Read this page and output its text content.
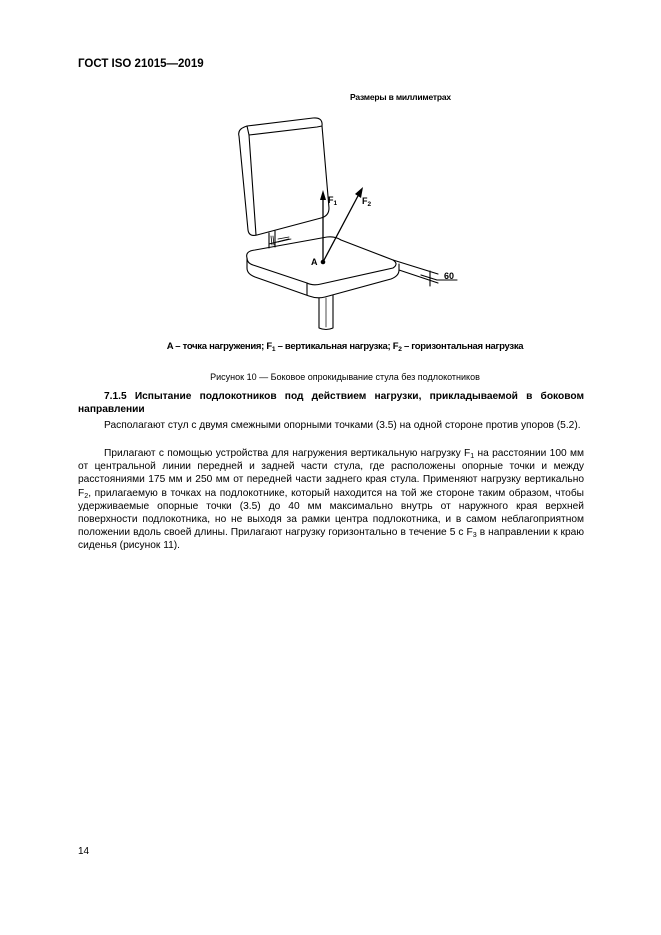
ГОСТ ISO 21015—2019
Размеры в миллиметрах
A
$F_1$	$F_2$
60
A – точка нагружения; $F_1$ – вертикальная нагрузка; $F_2$ – горизонтальная нагрузка
Рисунок 10 — Боковое опрокидывание стула без подлокотников
7.1.5 Испытание подлокотников под действием нагрузки, прикладываемой в боковом направлении
Располагают стул с двумя смежными опорными точками (3.5) на одной стороне против упоров (5.2).
Прилагают с помощью устройства для нагружения вертикальную нагрузку $F_1$ на расстоянии 100 мм от центральной линии передней и задней части стула, где расположены опорные точки и между расстояниями 175 мм и 250 мм от передней части заднего края стула. Применяют нагрузку вертикально $F_2$, прилагаемую в точках на подлокотнике, который находится на той же стороне таким образом, чтобы удерживаемые опорные точки (3.5) до 40 мм максимально внутрь от наружного края верхней поверхности подлокотника, но не выходя за рамки центра подлокотника, и в самом неблагоприятном положении вдоль своей длины. Прилагают нагрузку горизонтально в течение 5 с $F_3$ в направлении к краю сиденья (рисунок 11).
14
